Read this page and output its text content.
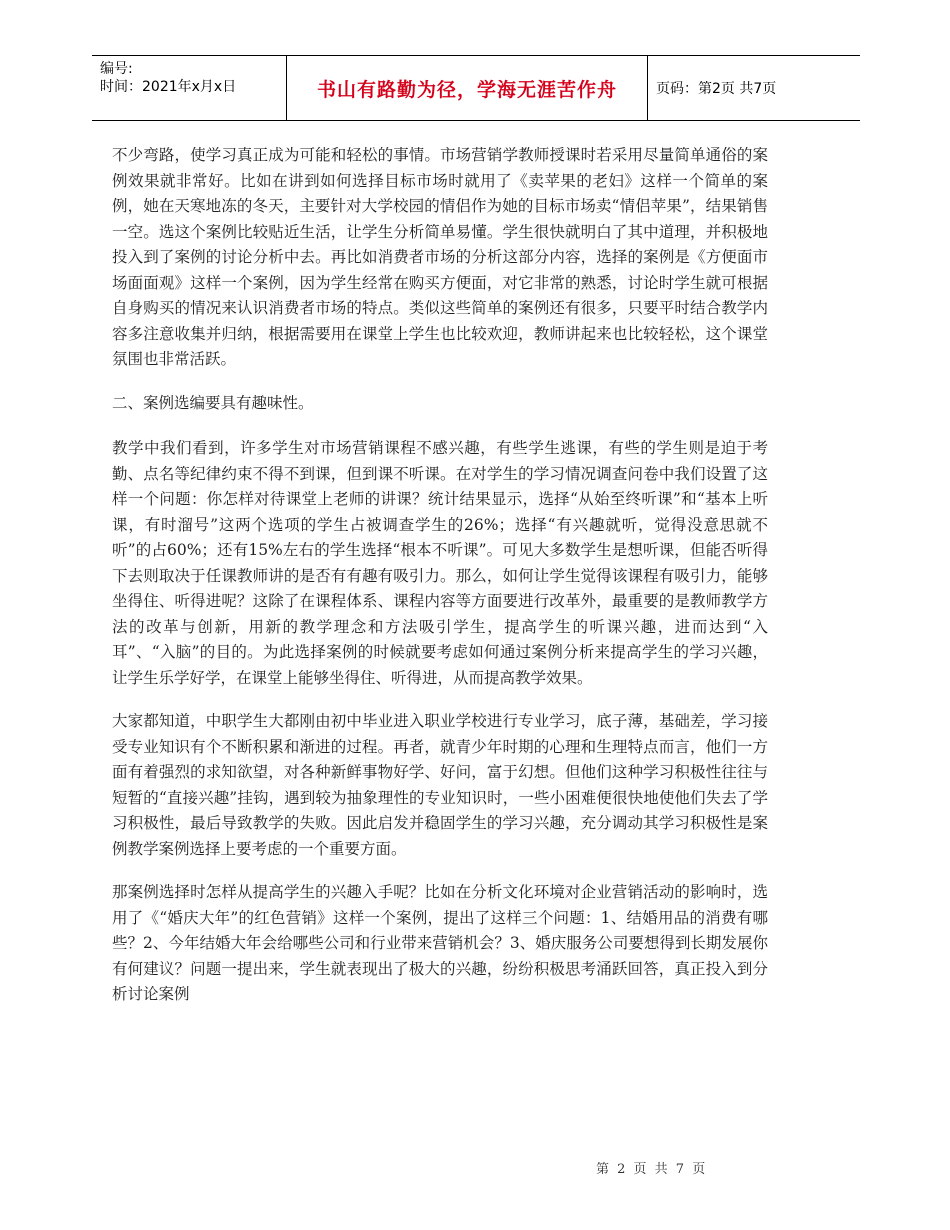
编号:
时间：2021年x月x日	书山有路勤为径，学海无涯苦作舟	页码：第2页 共7页

不少弯路，使学习真正成为可能和轻松的事情。市场营销学教师授课时若采用尽量简单通俗的案例效果就非常好。比如在讲到如何选择目标市场时就用了《卖苹果的老妇》这样一个简单的案例，她在天寒地冻的冬天，主要针对大学校园的情侣作为她的目标市场卖“情侣苹果”，结果销售一空。选这个案例比较贴近生活，让学生分析简单易懂。学生很快就明白了其中道理，并积极地投入到了案例的讨论分析中去。再比如消费者市场的分析这部分内容，选择的案例是《方便面市场面面观》这样一个案例，因为学生经常在购买方便面，对它非常的熟悉，讨论时学生就可根据自身购买的情况来认识消费者市场的特点。类似这些简单的案例还有很多，只要平时结合教学内容多注意收集并归纳，根据需要用在课堂上学生也比较欢迎，教师讲起来也比较轻松，这个课堂氛围也非常活跃。

二、案例选编要具有趣味性。

教学中我们看到，许多学生对市场营销课程不感兴趣，有些学生逃课，有些的学生则是迫于考勤、点名等纪律约束不得不到课，但到课不听课。在对学生的学习情况调查问卷中我们设置了这样一个问题：你怎样对待课堂上老师的讲课？统计结果显示，选择“从始至终听课”和“基本上听课，有时溜号”这两个选项的学生占被调查学生的26%；选择“有兴趣就听，觉得没意思就不听”的占60%；还有15%左右的学生选择“根本不听课”。可见大多数学生是想听课，但能否听得下去则取决于任课教师讲的是否有有趣有吸引力。那么，如何让学生觉得该课程有吸引力，能够坐得住、听得进呢？这除了在课程体系、课程内容等方面要进行改革外，最重要的是教师教学方法的改革与创新，用新的教学理念和方法吸引学生，提高学生的听课兴趣，进而达到“入耳”、“入脑”的目的。为此选择案例的时候就要考虑如何通过案例分析来提高学生的学习兴趣，让学生乐学好学，在课堂上能够坐得住、听得进，从而提高教学效果。

大家都知道，中职学生大都刚由初中毕业进入职业学校进行专业学习，底子薄，基础差，学习接受专业知识有个不断积累和渐进的过程。再者，就青少年时期的心理和生理特点而言，他们一方面有着强烈的求知欲望，对各种新鲜事物好学、好问，富于幻想。但他们这种学习积极性往往与短暂的“直接兴趣”挂钩，遇到较为抽象理性的专业知识时，一些小困难便很快地使他们失去了学习积极性，最后导致教学的失败。因此启发并稳固学生的学习兴趣，充分调动其学习积极性是案例教学案例选择上要考虑的一个重要方面。

那案例选择时怎样从提高学生的兴趣入手呢？比如在分析文化环境对企业营销活动的影响时，选用了《“婚庆大年”的红色营销》这样一个案例，提出了这样三个问题：1、结婚用品的消费有哪些？2、今年结婚大年会给哪些公司和行业带来营销机会？3、婚庆服务公司要想得到长期发展你有何建议？问题一提出来，学生就表现出了极大的兴趣，纷纷积极思考涌跃回答，真正投入到分析讨论案例

第 2 页 共 7 页
